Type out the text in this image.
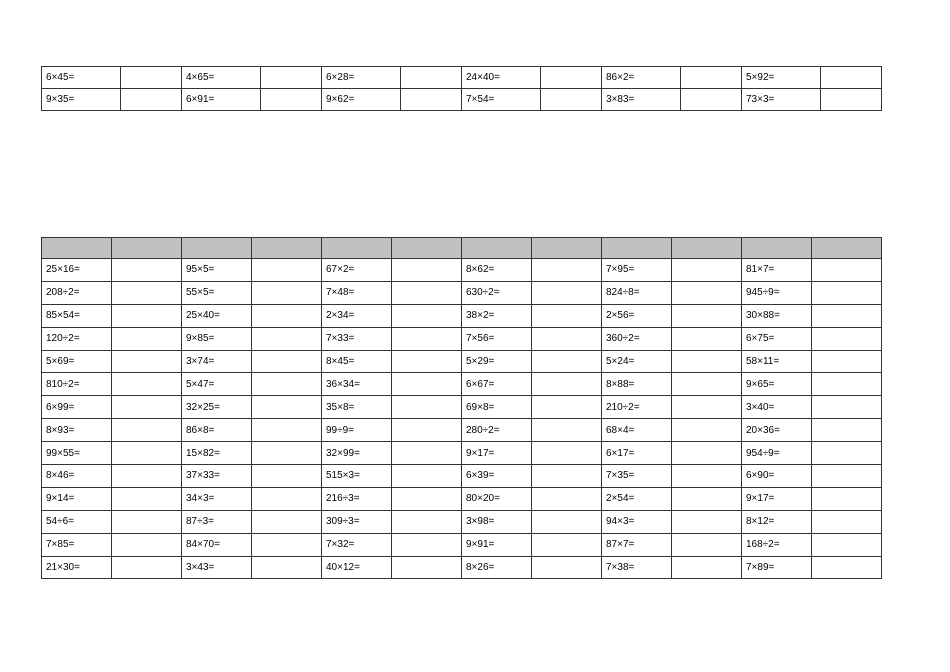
6×45=		4×65=		6×28=		24×40=		86×2=		5×92=	
9×35=		6×91=		9×62=		7×54=		3×83=		73×3=	

25×16=		95×5=		67×2=		8×62=		7×95=		81×7=	
208÷2=		55×5=		7×48=		630÷2=		824÷8=		945÷9=	
85×54=		25×40=		2×34=		38×2=		2×56=		30×88=	
120÷2=		9×85=		7×33=		7×56=		360÷2=		6×75=	
5×69=		3×74=		8×45=		5×29=		5×24=		58×11=	
810÷2=		5×47=		36×34=		6×67=		8×88=		9×65=	
6×99=		32×25=		35×8=		69×8=		210÷2=		3×40=	
8×93=		86×8=		99÷9=		280÷2=		68×4=		20×36=	
99×55=		15×82=		32×99=		9×17=		6×17=		954÷9=	
8×46=		37×33=		515×3=		6×39=		7×35=		6×90=	
9×14=		34×3=		216÷3=		80×20=		2×54=		9×17=	
54÷6=		87÷3=		309÷3=		3×98=		94×3=		8×12=	
7×85=		84×70=		7×32=		9×91=		87×7=		168÷2=	
21×30=		3×43=		40×12=		8×26=		7×38=		7×89=	
